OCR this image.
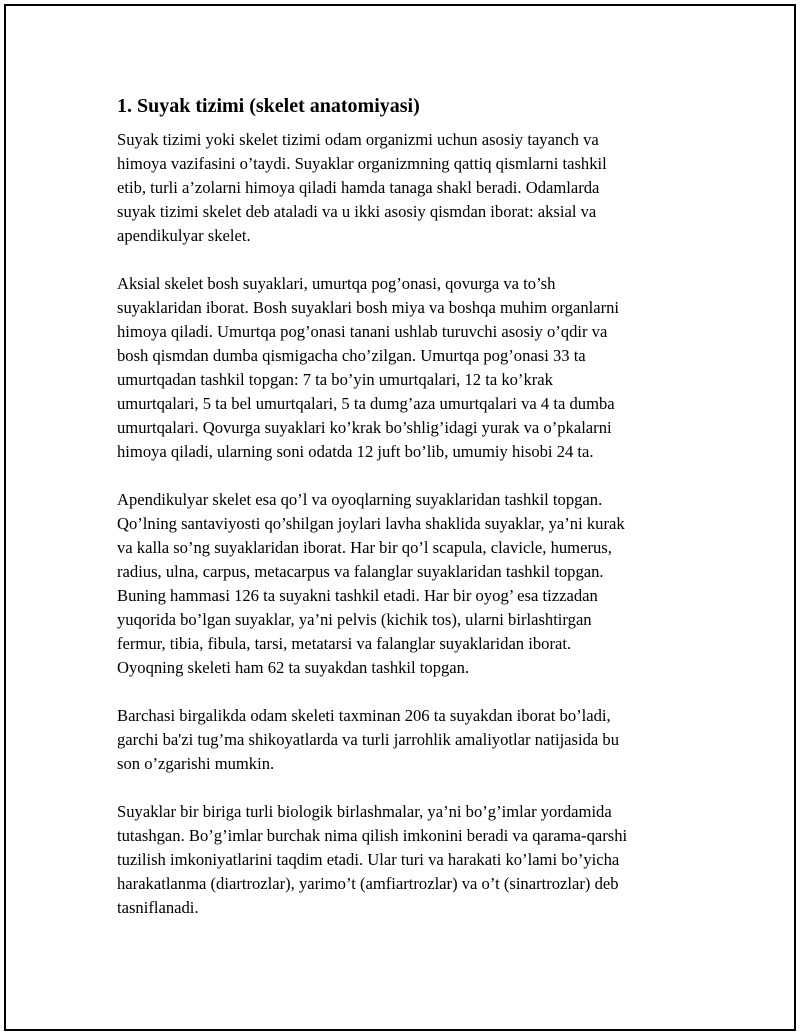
1. Suyak tizimi (skelet anatomiyasi)

Suyak tizimi yoki skelet tizimi odam organizmi uchun asosiy tayanch va
himoya vazifasini o’taydi. Suyaklar organizmning qattiq qismlarni tashkil
etib, turli a’zolarni himoya qiladi hamda tanaga shakl beradi. Odamlarda
suyak tizimi skelet deb ataladi va u ikki asosiy qismdan iborat: aksial va
apendikulyar skelet.

Aksial skelet bosh suyaklari, umurtqa pog’onasi, qovurga va to’sh
suyaklaridan iborat. Bosh suyaklari bosh miya va boshqa muhim organlarni
himoya qiladi. Umurtqa pog’onasi tanani ushlab turuvchi asosiy o’qdir va
bosh qismdan dumba qismigacha cho’zilgan. Umurtqa pog’onasi 33 ta
umurtqadan tashkil topgan: 7 ta bo’yin umurtqalari, 12 ta ko’krak
umurtqalari, 5 ta bel umurtqalari, 5 ta dumg’aza umurtqalari va 4 ta dumba
umurtqalari. Qovurga suyaklari ko’krak bo’shlig’idagi yurak va o’pkalarni
himoya qiladi, ularning soni odatda 12 juft bo’lib, umumiy hisobi 24 ta.

Apendikulyar skelet esa qo’l va oyoqlarning suyaklaridan tashkil topgan.
Qo’lning santaviyosti qo’shilgan joylari lavha shaklida suyaklar, ya’ni kurak
va kalla so’ng suyaklaridan iborat. Har bir qo’l scapula, clavicle, humerus,
radius, ulna, carpus, metacarpus va falanglar suyaklaridan tashkil topgan.
Buning hammasi 126 ta suyakni tashkil etadi. Har bir oyog’ esa tizzadan
yuqorida bo’lgan suyaklar, ya’ni pelvis (kichik tos), ularni birlashtirgan
fermur, tibia, fibula, tarsi, metatarsi va falanglar suyaklaridan iborat.
Oyoqning skeleti ham 62 ta suyakdan tashkil topgan.

Barchasi birgalikda odam skeleti taxminan 206 ta suyakdan iborat bo’ladi,
garchi ba'zi tug’ma shikoyatlarda va turli jarrohlik amaliyotlar natijasida bu
son o’zgarishi mumkin.

Suyaklar bir biriga turli biologik birlashmalar, ya’ni bo’g’imlar yordamida
tutashgan. Bo’g’imlar burchak nima qilish imkonini beradi va qarama-qarshi
tuzilish imkoniyatlarini taqdim etadi. Ular turi va harakati ko’lami bo’yicha
harakatlanma (diartrozlar), yarimo’t (amfiartrozlar) va o’t (sinartrozlar) deb
tasniflanadi.
